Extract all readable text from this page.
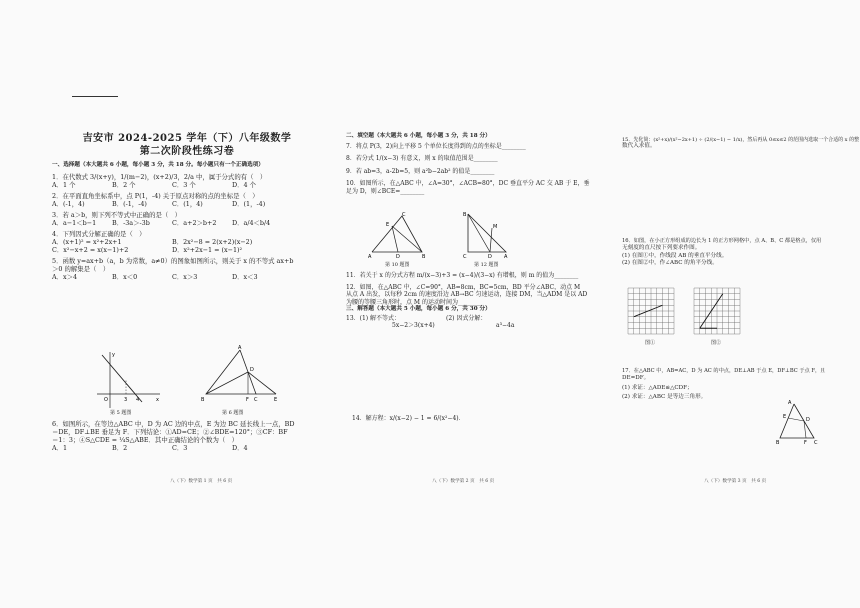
吉安市 2024-2025 学年（下）八年级数学

第二次阶段性练习卷

一、选择题（本大题共 6 小题，每小题 3 分，共 18 分。每小题只有一个正确选项）

1．在代数式 3/(x+y)，1/(m−2)，(x+2)/3，2/a 中，属于分式的有（　）

A．1 个	B．2 个	C．3 个	D．4 个

2．在平面直角坐标系中，点 P(1，-4) 关于原点对称的点的坐标是（　）

A．(-1，4)	B．(-1，-4)	C．(1，4)	D．(1，-4)

3．若 a＞b，则下列不等式中正确的是（　）

A．a−1＜b−1 B．-3a＞-3b	C．a+2＞b+2 D．a/4＜b/4

4．下列因式分解正确的是（　）

A．(x+1)² = x²+2x+1	B．2x²−8 = 2(x+2)(x−2)

C．x²−x+2 = x(x−1)+2	D．x²+2x−1 = (x−1)²

5．函数 y=ax+b（a，b 为常数，a≠0）的图象如图所示，则关于 x 的不等式 ax+b

＞0 的解集是（　）

A．x＞4	B．x＜0	C．x＞3	D．x＜3

O	x
y
3 4
第 5 题图
A
B	C
D
E
F
第 6 题图

6．如图所示，在等边△ABC 中，D 为 AC 边的中点，E 为边 BC 延长线上一点，BD

＝DE，DF⊥BE 垂足为 F．下列结论：①AD=CE；②∠BDE=120°；③CF：BF

＝1：3；④S△CDE = ¼S△ABE．其中正确结论的个数为（　）

A．1	B．2	C．3	D．4

八（下）数学第 1 页　共 6 页

二、填空题（本大题共 6 小题，每小题 3 分，共 18 分）

7．将点 P(3，2)向上平移 5 个单位长度得到的点的坐标是________

8．若分式 1/(x−3) 有意义，则 x 的取值范围是________

9．若 ab=3，a-2b=5，则 a²b−2ab² 的值是________

10．如图所示，在△ABC 中，∠A=30°，∠ACB=80°，DC 垂直平分 AC 交 AB 于 E，垂

足为 D，则∠BCE=________

A	B
C
D
E
第 10 题图
B
C	D A
M
第 12 题图

11．若关于 x 的分式方程 m/(x−3)+3 = (x−4)/(3−x) 有增根，则 m 的值为________

12．如图，在△ABC 中，∠C=90°，AB=8cm，BC=5cm，BD 平分∠ABC，动点 M

从点 A 出发，以每秒 2cm 的速度沿边 AB→BC 匀速运动，连接 DM，当△ADM 是以 AD

为腰的等腰三角形时，点 M 的运动时间为________

三、解答题（本大题共 5 小题，每小题 6 分，共 30 分）

13．(1) 解不等式：	(2) 因式分解：

5x−2＞3(x+4)	a³−4a

14．解方程：x/(x−2) − 1 = 6/(x²−4)．
八（下）数学第 2 页　共 6 页

15．先化简：(x²+x)/(x²−2x+1) ÷ (2/(x−1) − 1/x)，然后再从 0≤x≤2 的范围内选取一个合适的 x 的整

数代入求值。

16．如图，在小正方形组成的边长为 1 的正方形网格中，点 A、B、C 都是格点，仅用

无刻度的直尺按下列要求作图。

(1) 在图①中，作线段 AB 的垂直平分线。

(2) 在图②中，作∠ABC 的角平分线。

图①	图②

17．在△ABC 中，AB=AC，D 为 AC 的中点，DE⊥AB 于点 E，DF⊥BC 于点 F，且

DE=DF。

(1) 求证：△ADE≌△CDF；

(2) 求证：△ABC 是等边三角形。

A
E	D
B	F C
八（下）数学第 3 页　共 6 页
